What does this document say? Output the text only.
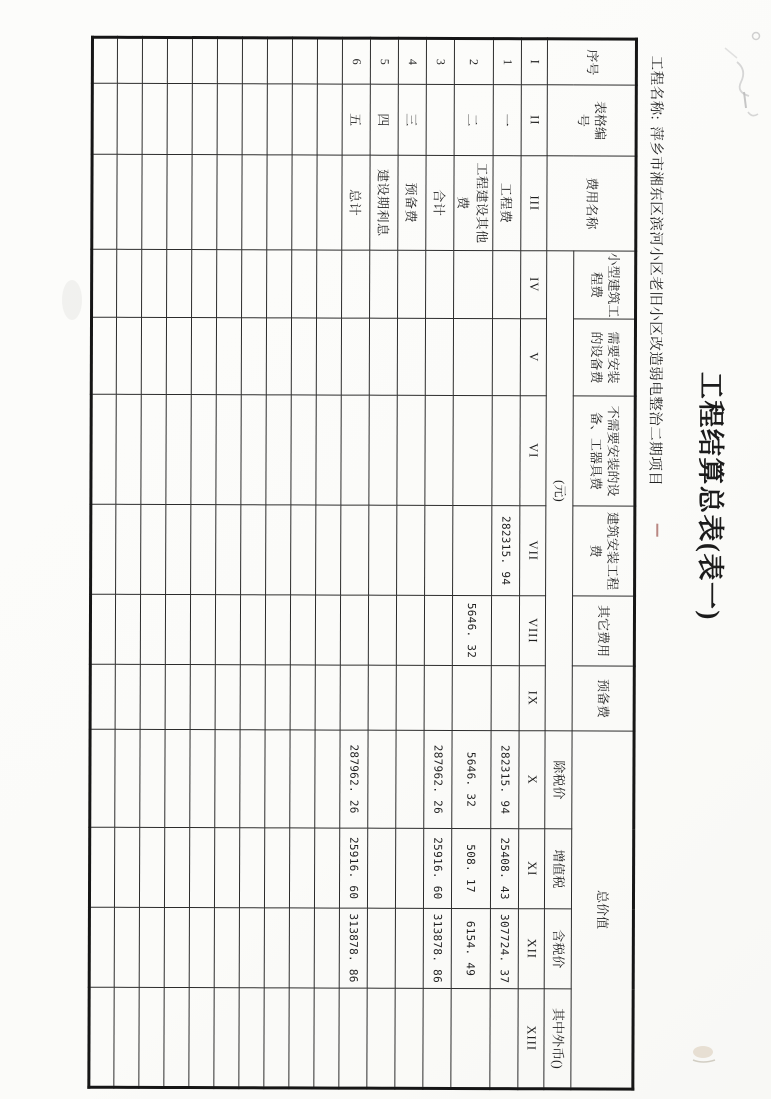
工程结算总表(表一)
工程名称:萍乡市湘东区滨河小区老旧小区改造弱电整治二期项目
序号	表格编
号	费用名称	小型建筑工
程费	需要安装
的设备费	不需要安装的设
备、工器具费	建筑安装工程
费	其它费用	预备费	总价值			
			(元)						除税价	增值税	含税价	其中外币()
I	II	III	IV	V	VI	VII	VIII	IX	X	XI	XII	XIII
1	一	工程费				282315. 94			282315. 94	25408. 43	307724. 37	
2	二	工程建设其他费					5646. 32		5646. 32	508. 17	6154. 49	
3		合计							287962. 26	25916. 60	313878. 86	
4	三	预备费										
5	四	建设期利息										
6	五	总计							287962. 26	25916. 60	313878. 86	
